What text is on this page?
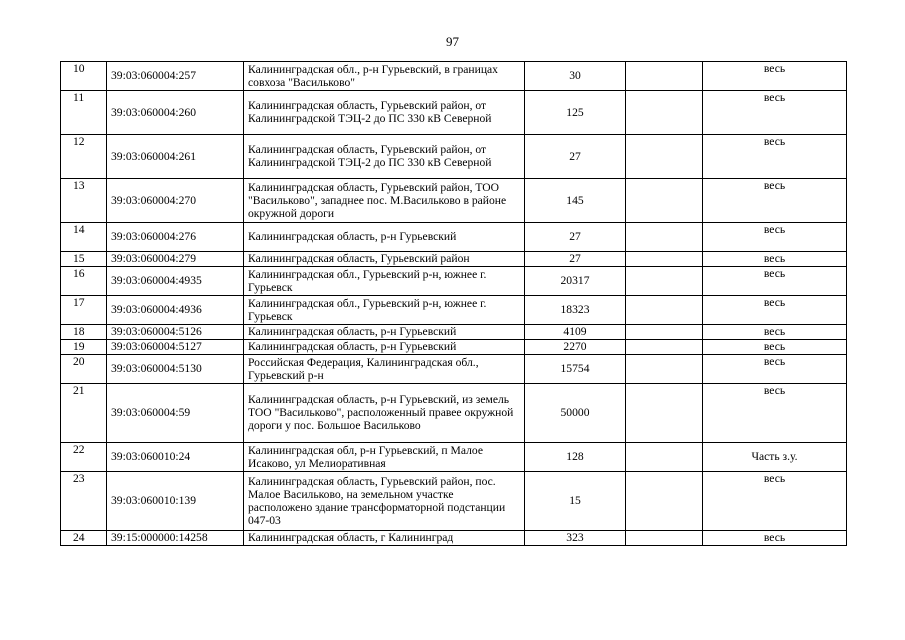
97
10	39:03:060004:257	Калининградская обл., р-н Гурьевский, в границах совхоза "Васильково"	30		весь
11	39:03:060004:260	Калининградская область, Гурьевский район, от Калининградской ТЭЦ-2 до ПС 330 кВ Северной	125		весь
12	39:03:060004:261	Калининградская область, Гурьевский район, от Калининградской ТЭЦ-2 до ПС 330 кВ Северной	27		весь
13	39:03:060004:270	Калининградская область, Гурьевский район, ТОО "Васильково", западнее пос. М.Васильково в районе окружной дороги	145		весь
14	39:03:060004:276	Калининградская область, р-н Гурьевский	27		весь
15	39:03:060004:279	Калининградская область, Гурьевский район	27		весь
16	39:03:060004:4935	Калининградская обл., Гурьевский р-н, южнее г. Гурьевск	20317		весь
17	39:03:060004:4936	Калининградская обл., Гурьевский р-н, южнее г. Гурьевск	18323		весь
18	39:03:060004:5126	Калининградская область, р-н Гурьевский	4109		весь
19	39:03:060004:5127	Калининградская область, р-н Гурьевский	2270		весь
20	39:03:060004:5130	Российская Федерация, Калининградская обл., Гурьевский р-н	15754		весь
21	39:03:060004:59	Калининградская область, р-н Гурьевский, из земель ТОО "Васильково", расположенный правее окружной дороги у пос. Большое Васильково	50000		весь
22	39:03:060010:24	Калининградская обл, р-н Гурьевский, п Малое Исаково, ул Мелиоративная	128		Часть з.у.
23	39:03:060010:139	Калининградская область, Гурьевский район, пос. Малое Васильково, на земельном участке расположено здание трансформаторной подстанции 047-03	15		весь
24	39:15:000000:14258	Калининградская область, г Калининград	323		весь
